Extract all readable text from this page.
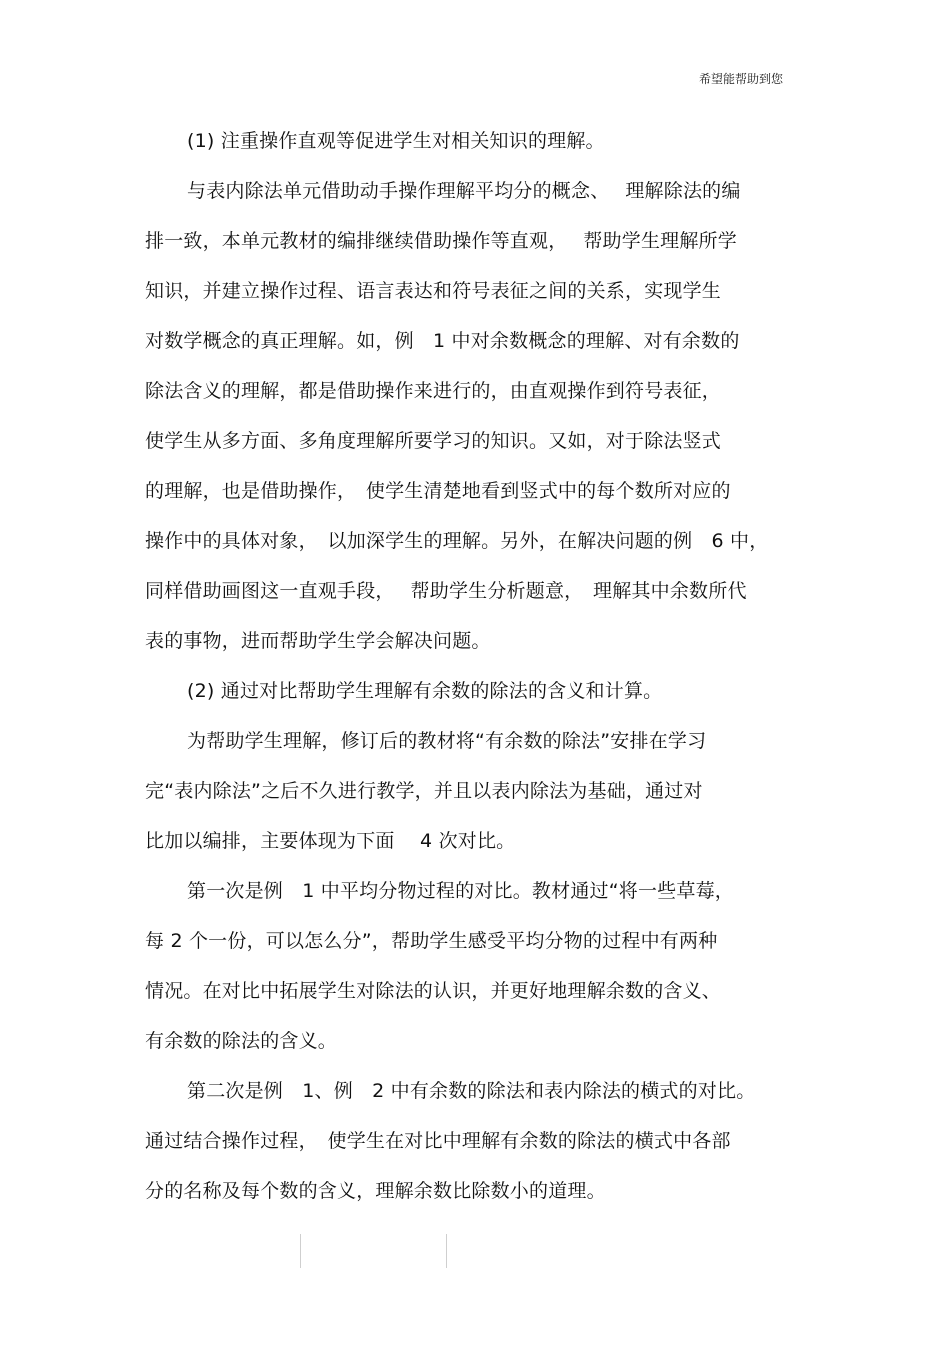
希望能帮助到您
(1) 注重操作直观等促进学生对相关知识的理解。
与表内除法单元借助动手操作理解平均分的概念、　 理解除法的编
排一致，本单元教材的编排继续借助操作等直观，　 帮助学生理解所学
知识，并建立操作过程、语言表达和符号表征之间的关系，实现学生
对数学概念的真正理解。如，例　1 中对余数概念的理解、对有余数的
除法含义的理解，都是借助操作来进行的，由直观操作到符号表征，
使学生从多方面、多角度理解所要学习的知识。又如，对于除法竖式
的理解，也是借助操作，　使学生清楚地看到竖式中的每个数所对应的
操作中的具体对象，　以加深学生的理解。另外，在解决问题的例　6 中，
同样借助画图这一直观手段，　 帮助学生分析题意，　理解其中余数所代
表的事物，进而帮助学生学会解决问题。
(2) 通过对比帮助学生理解有余数的除法的含义和计算。
为帮助学生理解，修订后的教材将“有余数的除法”安排在学习
完“表内除法”之后不久进行教学，并且以表内除法为基础，通过对
比加以编排，主要体现为下面　 4 次对比。
第一次是例　1 中平均分物过程的对比。教材通过“将一些草莓，
每 2 个一份，可以怎么分”，帮助学生感受平均分物的过程中有两种
情况。在对比中拓展学生对除法的认识，并更好地理解余数的含义、
有余数的除法的含义。
第二次是例　1、例　2 中有余数的除法和表内除法的横式的对比。
通过结合操作过程，　使学生在对比中理解有余数的除法的横式中各部
分的名称及每个数的含义，理解余数比除数小的道理。
